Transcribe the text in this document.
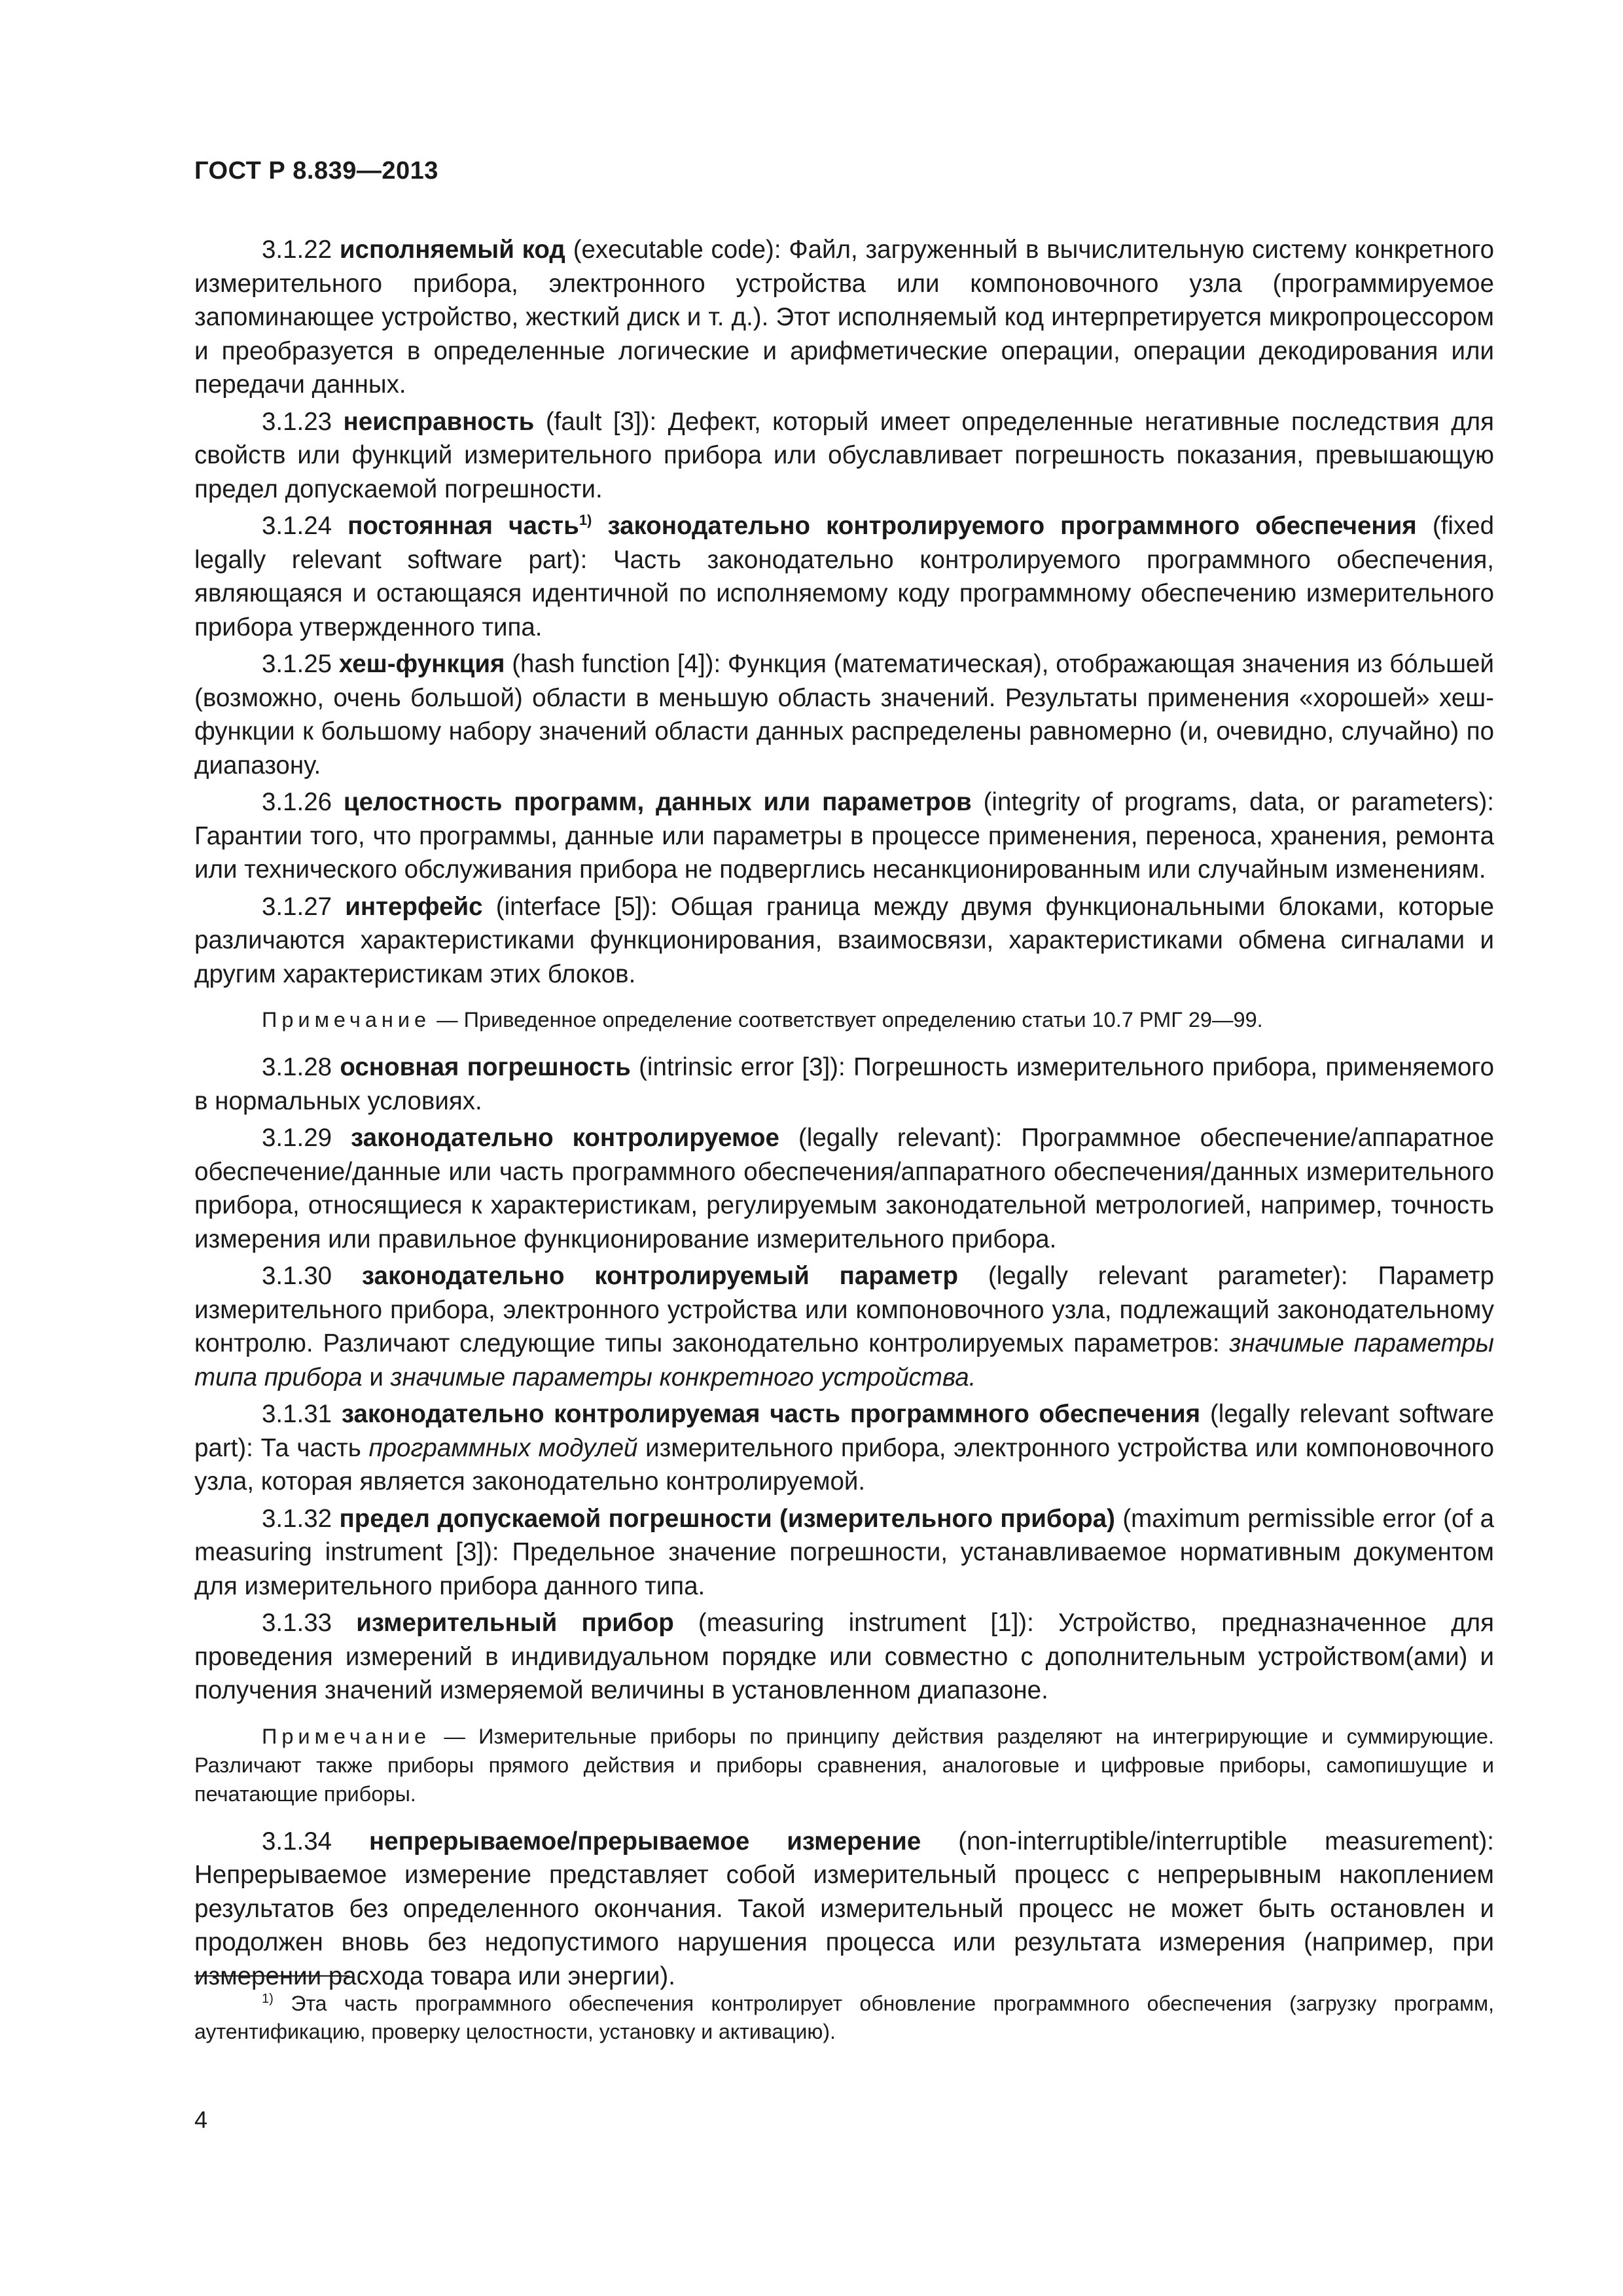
ГОСТ Р 8.839—2013

3.1.22 исполняемый код (executable code): Файл, загруженный в вычислительную систему конкретного измерительного прибора, электронного устройства или компоновочного узла (программируемое запоминающее устройство, жесткий диск и т. д.). Этот исполняемый код интерпретируется микропроцессором и преобразуется в определенные логические и арифметические операции, операции декодирования или передачи данных.

3.1.23 неисправность (fault [3]): Дефект, который имеет определенные негативные последствия для свойств или функций измерительного прибора или обуславливает погрешность показания, превышающую предел допускаемой погрешности.

3.1.24 постоянная часть$^{1)}$ законодательно контролируемого программного обеспечения (fixed legally relevant software part): Часть законодательно контролируемого программного обеспечения, являющаяся и остающаяся идентичной по исполняемому коду программному обеспечению измерительного прибора утвержденного типа.

3.1.25 хеш-функция (hash function [4]): Функция (математическая), отображающая значения из бóльшей (возможно, очень большой) области в меньшую область значений. Результаты применения «хорошей» хеш-функции к большому набору значений области данных распределены равномерно (и, очевидно, случайно) по диапазону.

3.1.26 целостность программ, данных или параметров (integrity of programs, data, or parameters): Гарантии того, что программы, данные или параметры в процессе применения, переноса, хранения, ремонта или технического обслуживания прибора не подверглись несанкционированным или случайным изменениям.

3.1.27 интерфейс (interface [5]): Общая граница между двумя функциональными блоками, которые различаются характеристиками функционирования, взаимосвязи, характеристиками обмена сигналами и другим характеристикам этих блоков.

Примечание — Приведенное определение соответствует определению статьи 10.7 РМГ 29—99.

3.1.28 основная погрешность (intrinsic error [3]): Погрешность измерительного прибора, применяемого в нормальных условиях.

3.1.29 законодательно контролируемое (legally relevant): Программное обеспечение/аппаратное обеспечение/данные или часть программного обеспечения/аппаратного обеспечения/данных измерительного прибора, относящиеся к характеристикам, регулируемым законодательной метрологией, например, точность измерения или правильное функционирование измерительного прибора.

3.1.30 законодательно контролируемый параметр (legally relevant parameter): Параметр измерительного прибора, электронного устройства или компоновочного узла, подлежащий законодательному контролю. Различают следующие типы законодательно контролируемых параметров: значимые параметры типа прибора и значимые параметры конкретного устройства.

3.1.31 законодательно контролируемая часть программного обеспечения (legally relevant software part): Та часть программных модулей измерительного прибора, электронного устройства или компоновочного узла, которая является законодательно контролируемой.

3.1.32 предел допускаемой погрешности (измерительного прибора) (maximum permissible error (of a measuring instrument [3]): Предельное значение погрешности, устанавливаемое нормативным документом для измерительного прибора данного типа.

3.1.33 измерительный прибор (measuring instrument [1]): Устройство, предназначенное для проведения измерений в индивидуальном порядке или совместно с дополнительным устройством(ами) и получения значений измеряемой величины в установленном диапазоне.

Примечание — Измерительные приборы по принципу действия разделяют на интегрирующие и суммирующие. Различают также приборы прямого действия и приборы сравнения, аналоговые и цифровые приборы, самопишущие и печатающие приборы.

3.1.34 непрерываемое/прерываемое измерение (non-interruptible/interruptible measurement): Непрерываемое измерение представляет собой измерительный процесс с непрерывным накоплением результатов без определенного окончания. Такой измерительный процесс не может быть остановлен и продолжен вновь без недопустимого нарушения процесса или результата измерения (например, при измерении расхода товара или энергии).

$^{1)}$ Эта часть программного обеспечения контролирует обновление программного обеспечения (загрузку программ, аутентификацию, проверку целостности, установку и активацию).
4
